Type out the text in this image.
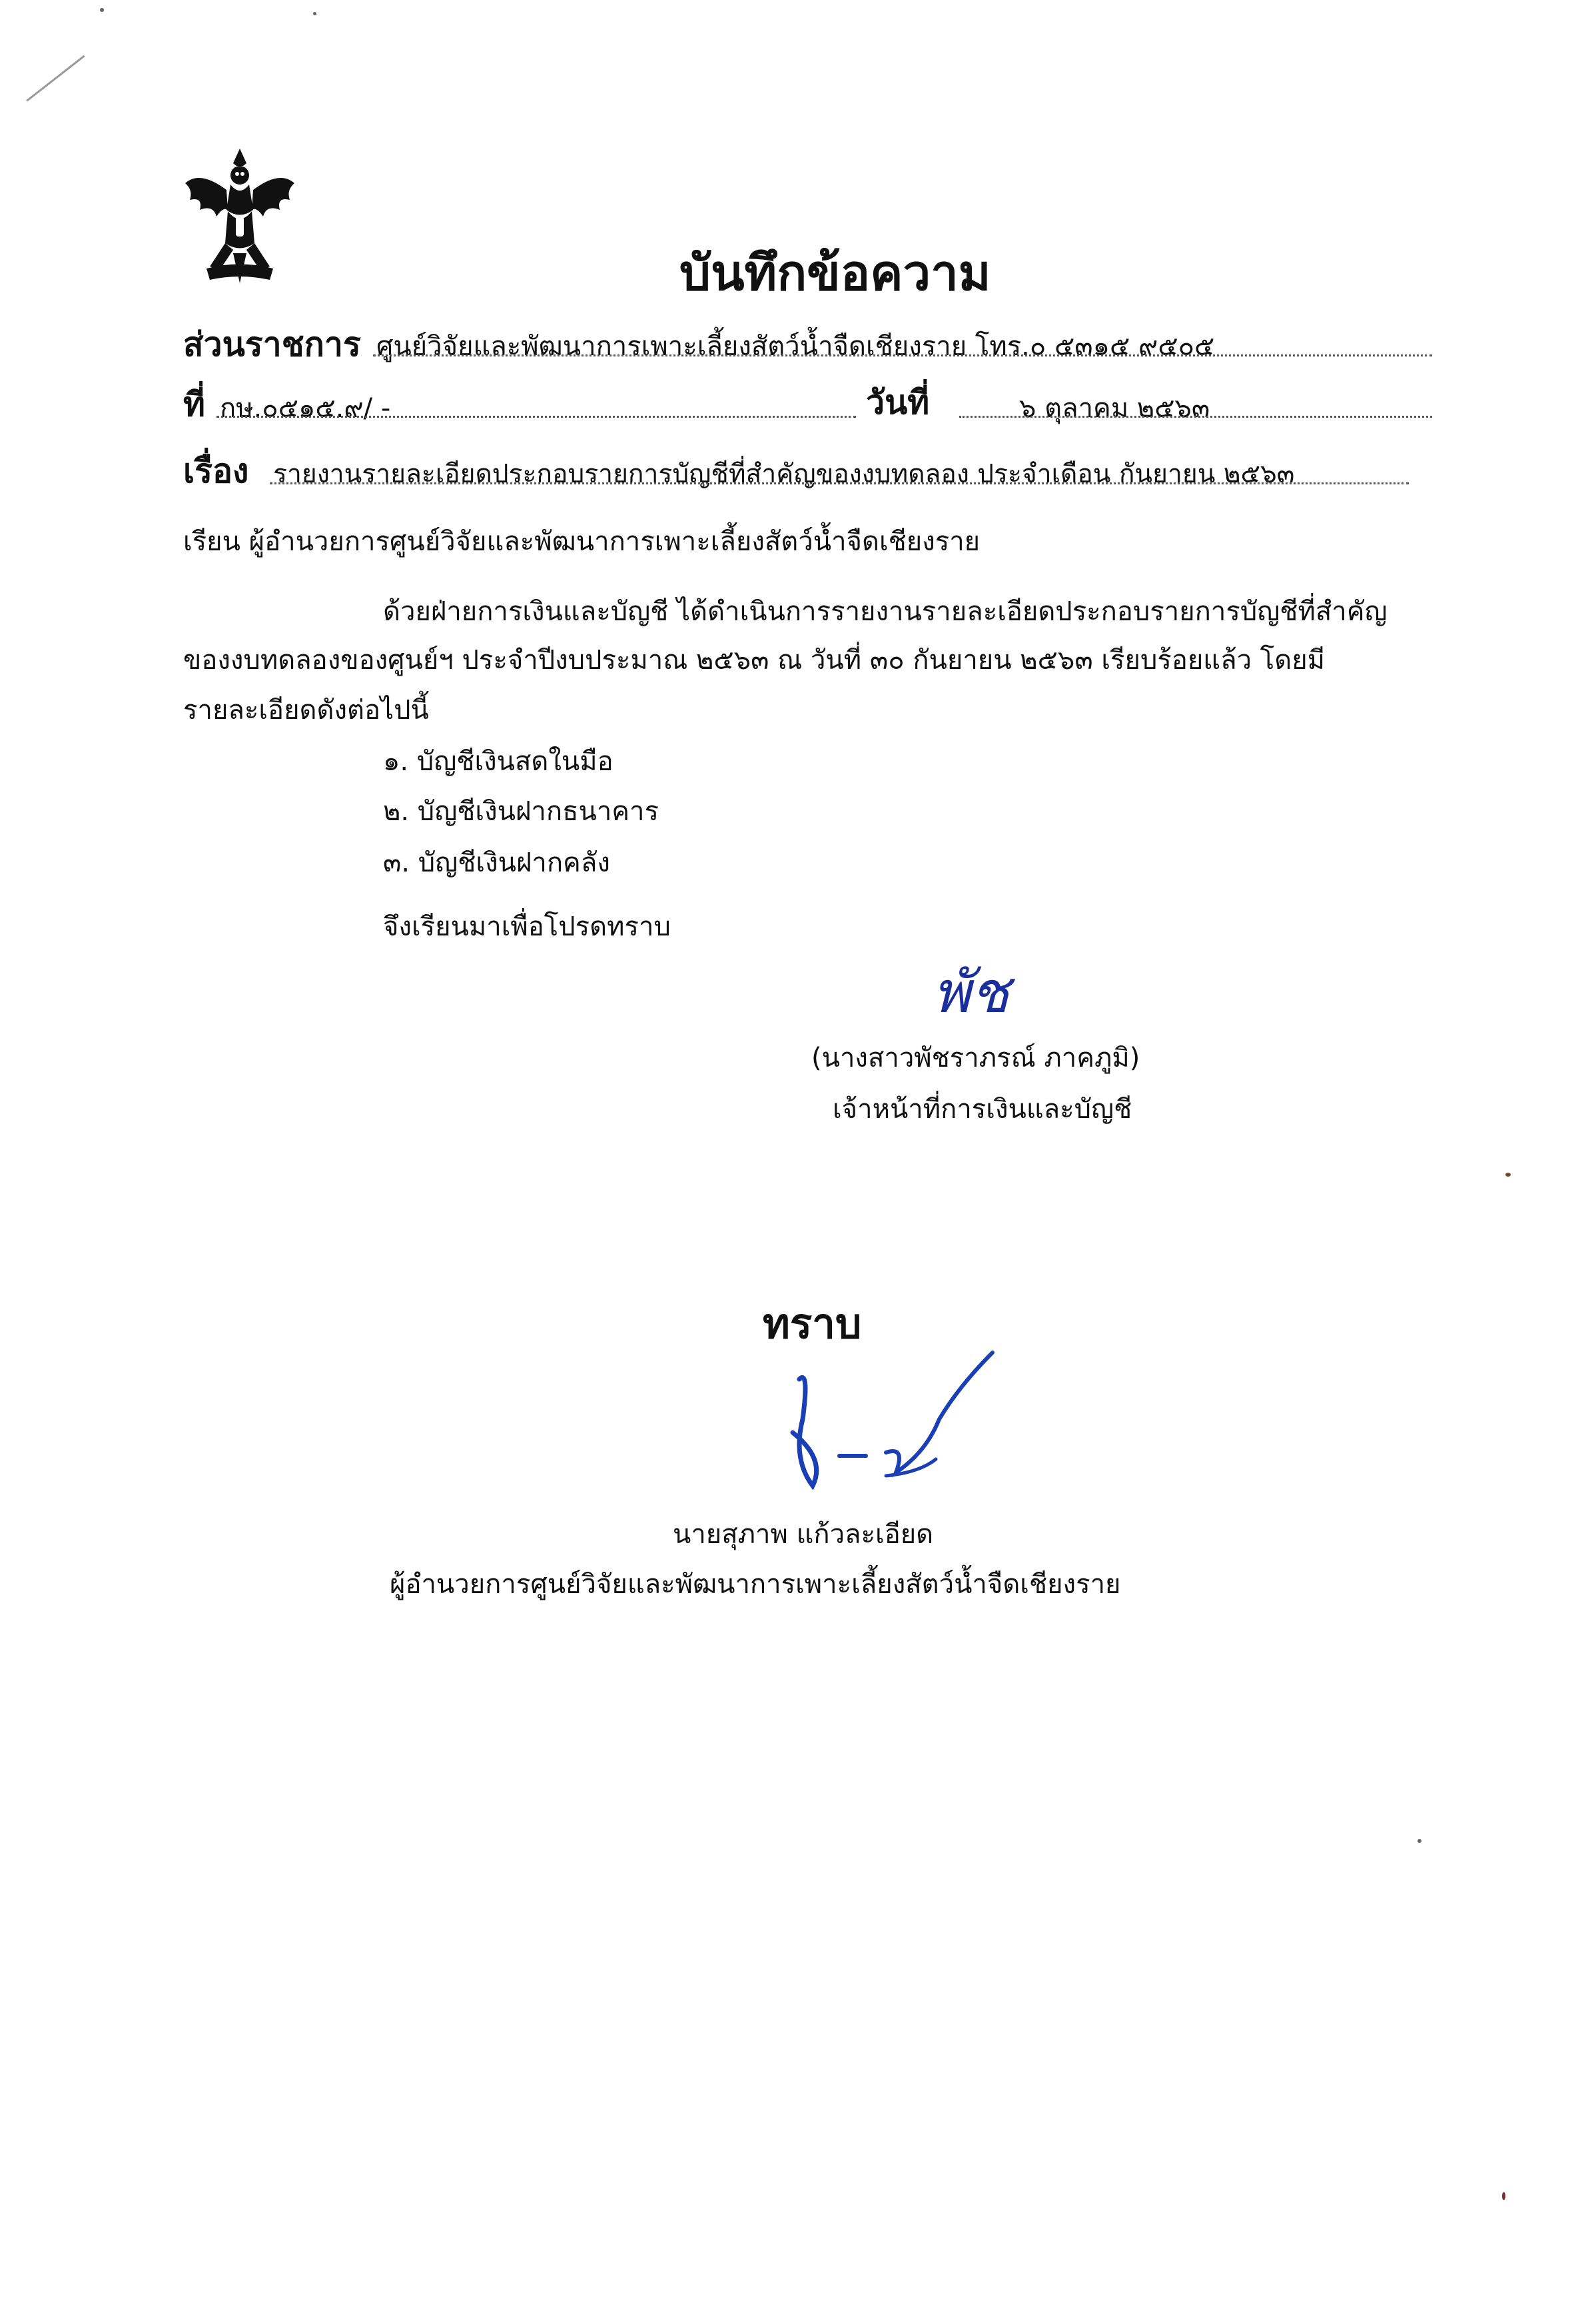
บันทึกข้อความ
ส่วนราชการ ศูนย์วิจัยและพัฒนาการเพาะเลี้ยงสัตว์น้ำจืดเชียงราย โทร.๐ ๕๓๑๕ ๙๕๐๕
ที่ กษ.๐๕๑๕.๙/ -	วันที่	๖ ตุลาคม ๒๕๖๓
เรื่อง รายงานรายละเอียดประกอบรายการบัญชีที่สำคัญของงบทดลอง ประจำเดือน กันยายน ๒๕๖๓
เรียน ผู้อำนวยการศูนย์วิจัยและพัฒนาการเพาะเลี้ยงสัตว์น้ำจืดเชียงราย
ด้วยฝ่ายการเงินและบัญชี ได้ดำเนินการรายงานรายละเอียดประกอบรายการบัญชีที่สำคัญ
ของงบทดลองของศูนย์ฯ ประจำปีงบประมาณ ๒๕๖๓ ณ วันที่ ๓๐ กันยายน ๒๕๖๓ เรียบร้อยแล้ว โดยมี
รายละเอียดดังต่อไปนี้
๑. บัญชีเงินสดในมือ
๒. บัญชีเงินฝากธนาคาร
๓. บัญชีเงินฝากคลัง
จึงเรียนมาเพื่อโปรดทราบ
พัช
(นางสาวพัชราภรณ์ ภาคภูมิ)
เจ้าหน้าที่การเงินและบัญชี
ทราบ
นายสุภาพ แก้วละเอียด
ผู้อำนวยการศูนย์วิจัยและพัฒนาการเพาะเลี้ยงสัตว์น้ำจืดเชียงราย
